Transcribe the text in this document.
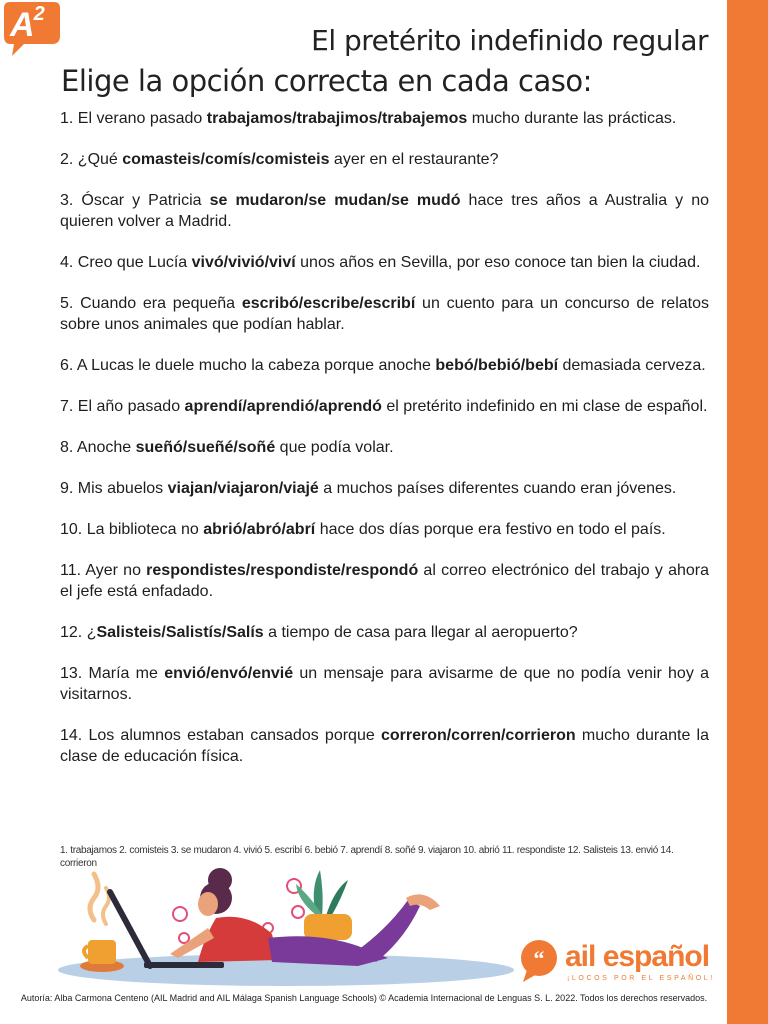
$A^2$
El pretérito indefinido regular
Elige la opción correcta en cada caso:
1. El verano pasado trabajamos/trabajimos/trabajemos mucho durante las prácticas.
2. ¿Qué comasteis/comís/comisteis ayer en el restaurante?
3. Óscar y Patricia se mudaron/se mudan/se mudó hace tres años a Australia y no quieren volver a Madrid.
4. Creo que Lucía vivó/vivió/viví unos años en Sevilla, por eso conoce tan bien la ciudad.
5. Cuando era pequeña escribó/escribe/escribí un cuento para un concurso de relatos sobre unos animales que podían hablar.
6. A Lucas le duele mucho la cabeza porque anoche bebó/bebió/bebí demasiada cerveza.
7. El año pasado aprendí/aprendió/aprendó el pretérito indefinido en mi clase de español.
8. Anoche sueñó/sueñé/soñé que podía volar.
9. Mis abuelos viajan/viajaron/viajé a muchos países diferentes cuando eran jóvenes.
10. La biblioteca no abrió/abró/abrí hace dos días porque era festivo en todo el país.
11. Ayer no respondistes/respondiste/respondó al correo electrónico del trabajo y ahora el jefe está enfadado.
12. ¿Salisteis/Salistís/Salís a tiempo de casa para llegar al aeropuerto?
13. María me envió/envó/envié un mensaje para avisarme de que no podía venir hoy a visitarnos.
14. Los alumnos estaban cansados porque correron/corren/corrieron mucho durante la clase de educación física.

1. trabajamos 2. comisteis 3. se mudaron 4. vivió 5. escribí 6. bebió 7. aprendí 8. soñé 9. viajaron 10. abrió 11. respondiste 12. Salisteis 13. envió 14. corrieron

“ ail español
¡LOCOS POR EL ESPAÑOL!

Autoría: Alba Carmona Centeno (AIL Madrid and AIL Málaga Spanish Language Schools) © Academia Internacional de Lenguas S. L. 2022. Todos los derechos reservados.
